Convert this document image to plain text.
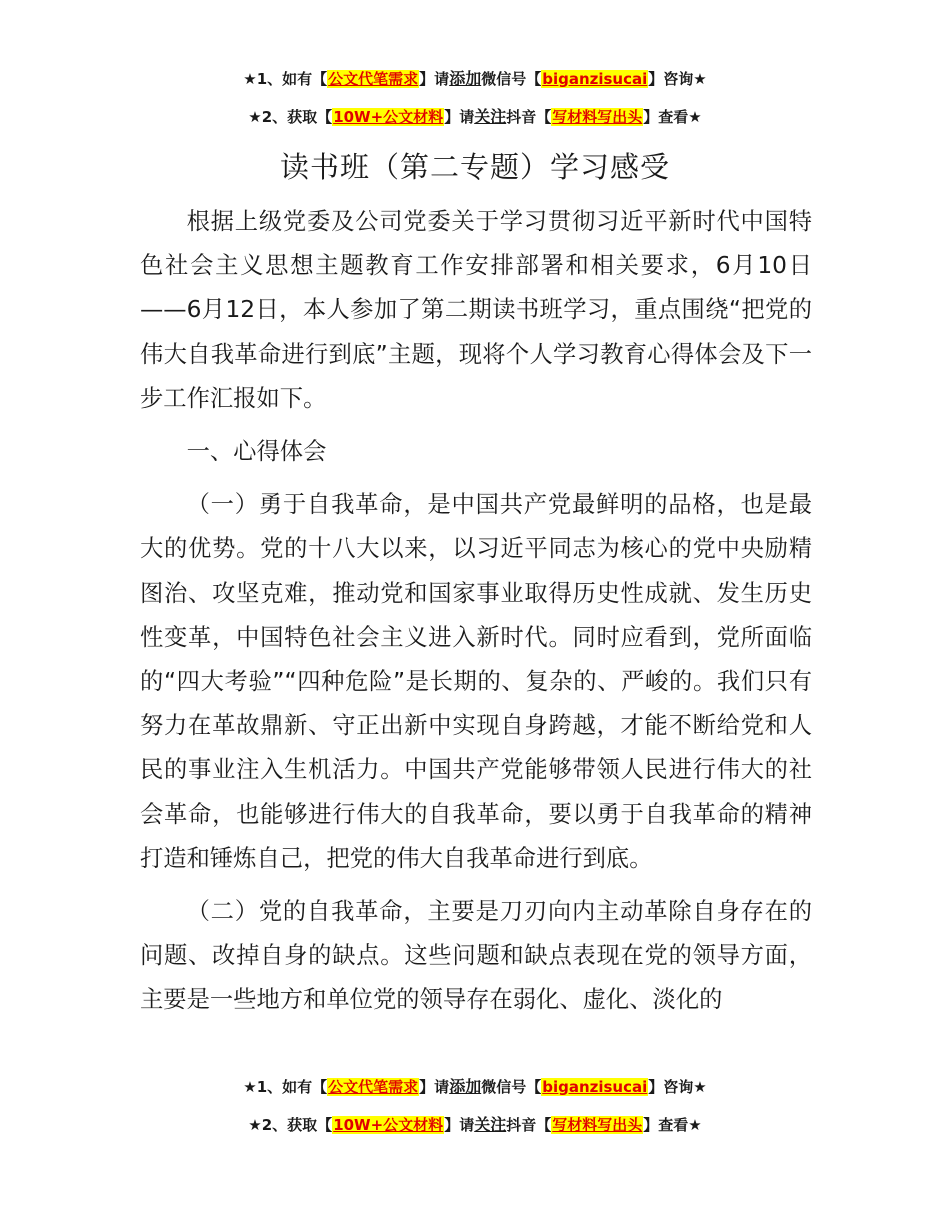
★1、如有【公文代笔需求】请添加微信号【biganzisucai】咨询★
★2、获取【10W+公文材料】请关注抖音【写材料写出头】查看★
读书班（第二专题）学习感受

根据上级党委及公司党委关于学习贯彻习近平新时代中国特色社会主义思想主题教育工作安排部署和相关要求，6月10日——6月12日，本人参加了第二期读书班学习，重点围绕“把党的伟大自我革命进行到底”主题，现将个人学习教育心得体会及下一步工作汇报如下。

一、心得体会

（一）勇于自我革命，是中国共产党最鲜明的品格，也是最大的优势。党的十八大以来，以习近平同志为核心的党中央励精图治、攻坚克难，推动党和国家事业取得历史性成就、发生历史性变革，中国特色社会主义进入新时代。同时应看到，党所面临的“四大考验”“四种危险”是长期的、复杂的、严峻的。我们只有努力在革故鼎新、守正出新中实现自身跨越，才能不断给党和人民的事业注入生机活力。中国共产党能够带领人民进行伟大的社会革命，也能够进行伟大的自我革命，要以勇于自我革命的精神打造和锤炼自己，把党的伟大自我革命进行到底。

（二）党的自我革命，主要是刀刃向内主动革除自身存在的问题、改掉自身的缺点。这些问题和缺点表现在党的领导方面，主要是一些地方和单位党的领导存在弱化、虚化、淡化的

★1、如有【公文代笔需求】请添加微信号【biganzisucai】咨询★
★2、获取【10W+公文材料】请关注抖音【写材料写出头】查看★
